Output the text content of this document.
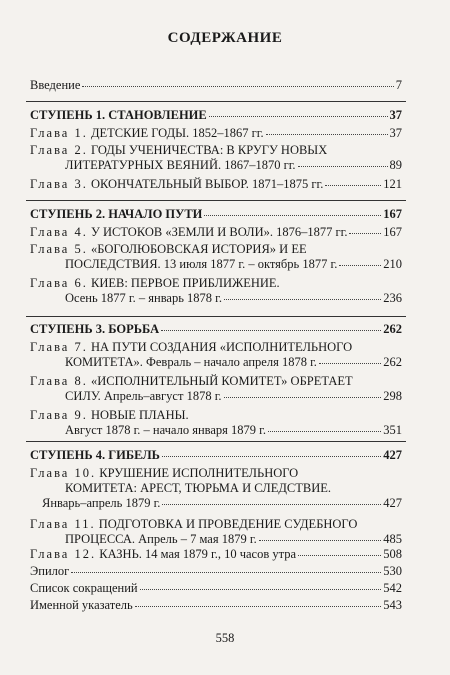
СОДЕРЖАНИЕ
Введение	7
СТУПЕНЬ 1. СТАНОВЛЕНИЕ	37
Глава 1. ДЕТСКИЕ ГОДЫ. 1852–1867 гг.	37
Глава 2. ГОДЫ УЧЕНИЧЕСТВА: В КРУГУ НОВЫХ
ЛИТЕРАТУРНЫХ ВЕЯНИЙ. 1867–1870 гг.	89
Глава 3. ОКОНЧАТЕЛЬНЫЙ ВЫБОР. 1871–1875 гг.	121
СТУПЕНЬ 2. НАЧАЛО ПУТИ	167
Глава 4. У ИСТОКОВ «ЗЕМЛИ И ВОЛИ». 1876–1877 гг.	167
Глава 5. «БОГОЛЮБОВСКАЯ ИСТОРИЯ» И ЕЕ
ПОСЛЕДСТВИЯ. 13 июля 1877 г. – октябрь 1877 г.	210
Глава 6. КИЕВ: ПЕРВОЕ ПРИБЛИЖЕНИЕ.
Осень 1877 г. – январь 1878 г.	236
СТУПЕНЬ 3. БОРЬБА	262
Глава 7. НА ПУТИ СОЗДАНИЯ «ИСПОЛНИТЕЛЬНОГО
КОМИТЕТА». Февраль – начало апреля 1878 г.	262
Глава 8. «ИСПОЛНИТЕЛЬНЫЙ КОМИТЕТ» ОБРЕТАЕТ
СИЛУ. Апрель–август 1878 г.	298
Глава 9. НОВЫЕ ПЛАНЫ.
Август 1878 г. – начало января 1879 г.	351
СТУПЕНЬ 4. ГИБЕЛЬ	427
Глава 10. КРУШЕНИЕ ИСПОЛНИТЕЛЬНОГО
КОМИТЕТА: АРЕСТ, ТЮРЬМА И СЛЕДСТВИЕ.
Январь–апрель 1879 г.	427
Глава 11. ПОДГОТОВКА И ПРОВЕДЕНИЕ СУДЕБНОГО
ПРОЦЕССА. Апрель – 7 мая 1879 г.	485
Глава 12. КАЗНЬ. 14 мая 1879 г., 10 часов утра	508
Эпилог	530
Список сокращений	542
Именной указатель	543
558
